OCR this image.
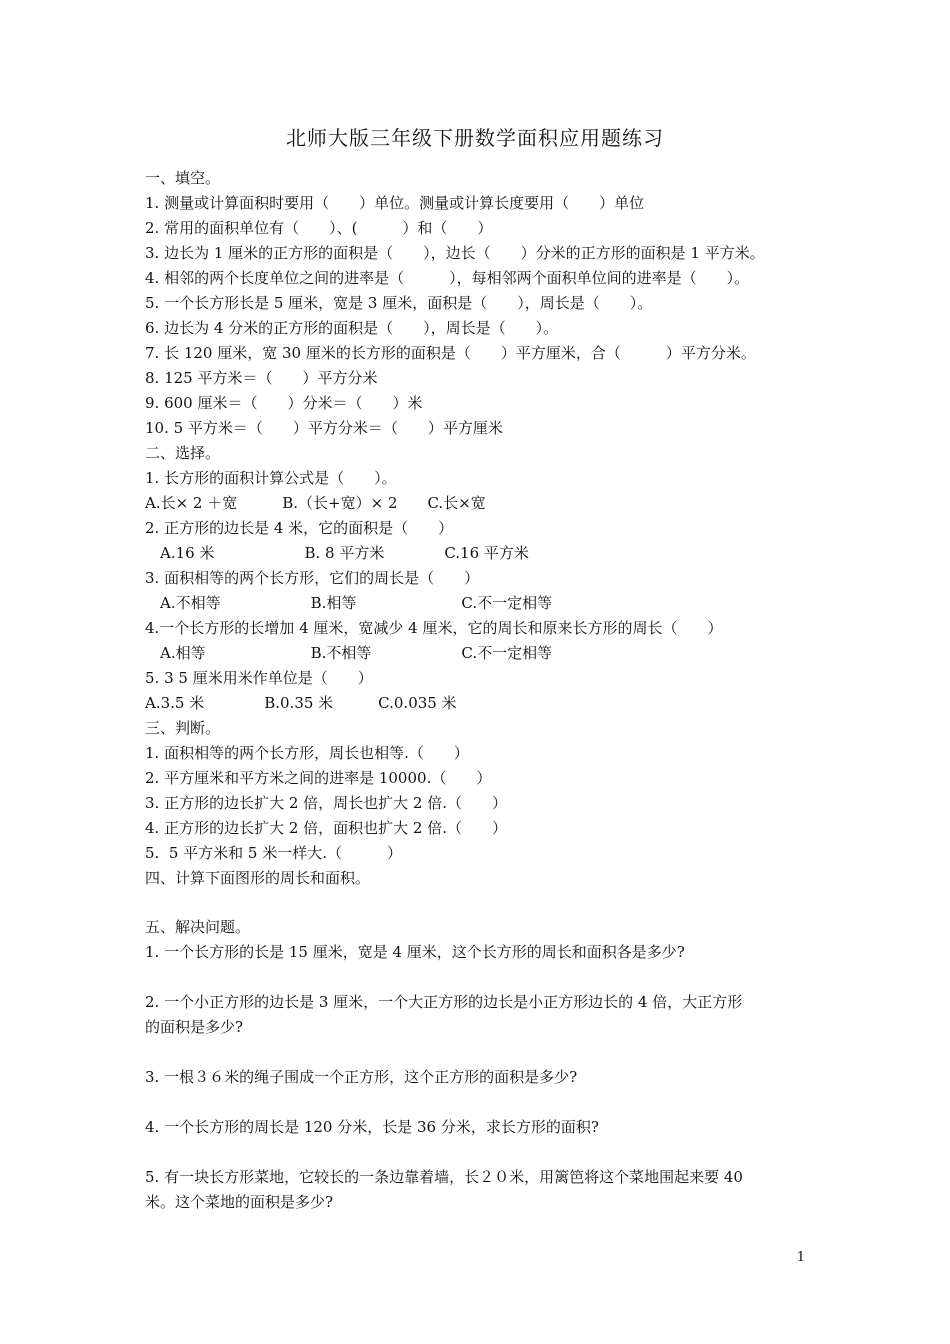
北师大版三年级下册数学面积应用题练习
一、填空。
1. 测量或计算面积时要用（　　）单位。测量或计算长度要用（　　）单位
2. 常用的面积单位有（　　）、(　　　）和（　　）
3. 边长为 1 厘米的正方形的面积是（　　），边长（　　）分米的正方形的面积是 1 平方米。
4. 相邻的两个长度单位之间的进率是（　　　），每相邻两个面积单位间的进率是（　　）。
5. 一个长方形长是 5 厘米，宽是 3 厘米，面积是（　　），周长是（　　）。
6. 边长为 4 分米的正方形的面积是（　　），周长是（　　）。
7. 长 120 厘米，宽 30 厘米的长方形的面积是（　　）平方厘米，合（　　　）平方分米。
8. 125 平方米＝（　　）平方分米
9. 600 厘米＝（　　）分米＝（　　）米
10. 5 平方米＝（　　）平方分米＝（　　）平方厘米
二、选择。
1. 长方形的面积计算公式是（　　）。
A.长× 2 ＋宽　　　B.（长+宽）× 2　　C.长×宽
2. 正方形的边长是 4 米，它的面积是（　　）
　A.16 米　　　　　　B. 8 平方米　　　　C.16 平方米
3. 面积相等的两个长方形，它们的周长是（　　）
　A.不相等　　　　　　B.相等　　　　　　　C.不一定相等
4.一个长方形的长增加 4 厘米，宽减少 4 厘米，它的周长和原来长方形的周长（　　）
　A.相等　　　　　　　B.不相等　　　　　　C.不一定相等
5. 3 5 厘米用米作单位是（　　）
A.3.5 米　　　　B.0.35 米　　　C.0.035 米
三、判断。
1. 面积相等的两个长方形，周长也相等.（　　）
2. 平方厘米和平方米之间的进率是 10000.（　　）
3. 正方形的边长扩大 2 倍，周长也扩大 2 倍.（　　）
4. 正方形的边长扩大 2 倍，面积也扩大 2 倍.（　　）
5.  5 平方米和 5 米一样大.（　　　）
四、计算下面图形的周长和面积。
五、解决问题。
1. 一个长方形的长是 15 厘米，宽是 4 厘米，这个长方形的周长和面积各是多少?
2. 一个小正方形的边长是 3 厘米，一个大正方形的边长是小正方形边长的 4 倍，大正方形
的面积是多少?
3. 一根３６米的绳子围成一个正方形，这个正方形的面积是多少?
4. 一个长方形的周长是 120 分米，长是 36 分米，求长方形的面积?
5. 有一块长方形菜地，它较长的一条边靠着墙，长２０米，用篱笆将这个菜地围起来要 40
米。这个菜地的面积是多少?
1
